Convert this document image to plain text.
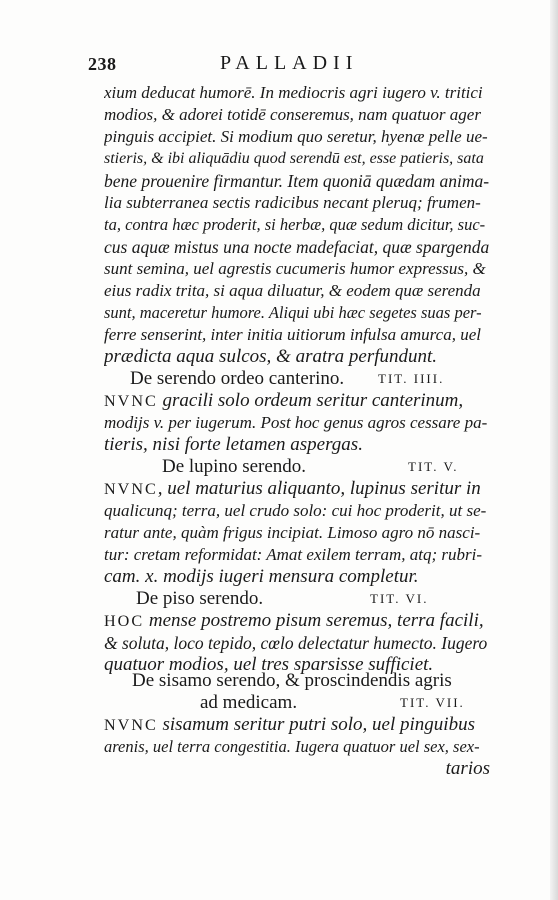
238	PALLADII
xium deducat humorē. In mediocris agri iugero v. tritici
modios, & adorei totidē conseremus, nam quatuor ager
pinguis accipiet. Si modium quo seretur, hyenæ pelle ue-
stieris, & ibi aliquādiu quod serendū est, esse patieris, sata
bene prouenire firmantur. Item quoniā quædam anima-
lia subterranea sectis radicibus necant pleruq; frumen-
ta, contra hæc proderit, si herbæ, quæ sedum dicitur, suc-
cus aquæ mistus una nocte madefaciat, quæ spargenda
sunt semina, uel agrestis cucumeris humor expressus, &
eius radix trita, si aqua diluatur, & eodem quæ serenda
sunt, maceretur humore. Aliqui ubi hæc segetes suas per-
ferre senserint, inter initia uitiorum infulsa amurca, uel
prædicta aqua sulcos, & aratra perfundunt.
De serendo ordeo canterino.	TIT. IIII.
NVNC gracili solo ordeum seritur canterinum,
modijs v. per iugerum. Post hoc genus agros cessare pa-
tieris, nisi forte letamen aspergas.
De lupino serendo.	TIT. V.
NVNC, uel maturius aliquanto, lupinus seritur in
qualicunq; terra, uel crudo solo: cui hoc proderit, ut se-
ratur ante, quàm frigus incipiat. Limoso agro nō nasci-
tur: cretam reformidat: Amat exilem terram, atq; rubri-
cam. x. modijs iugeri mensura completur.
De piso serendo.	TIT. VI.
HOC mense postremo pisum seremus, terra facili,
& soluta, loco tepido, cœlo delectatur humecto. Iugero
quatuor modios, uel tres sparsisse sufficiet.
De sisamo serendo, & proscindendis agris
ad medicam.	TIT. VII.
NVNC sisamum seritur putri solo, uel pinguibus
arenis, uel terra congestitia. Iugera quatuor uel sex, sex-
tarios
